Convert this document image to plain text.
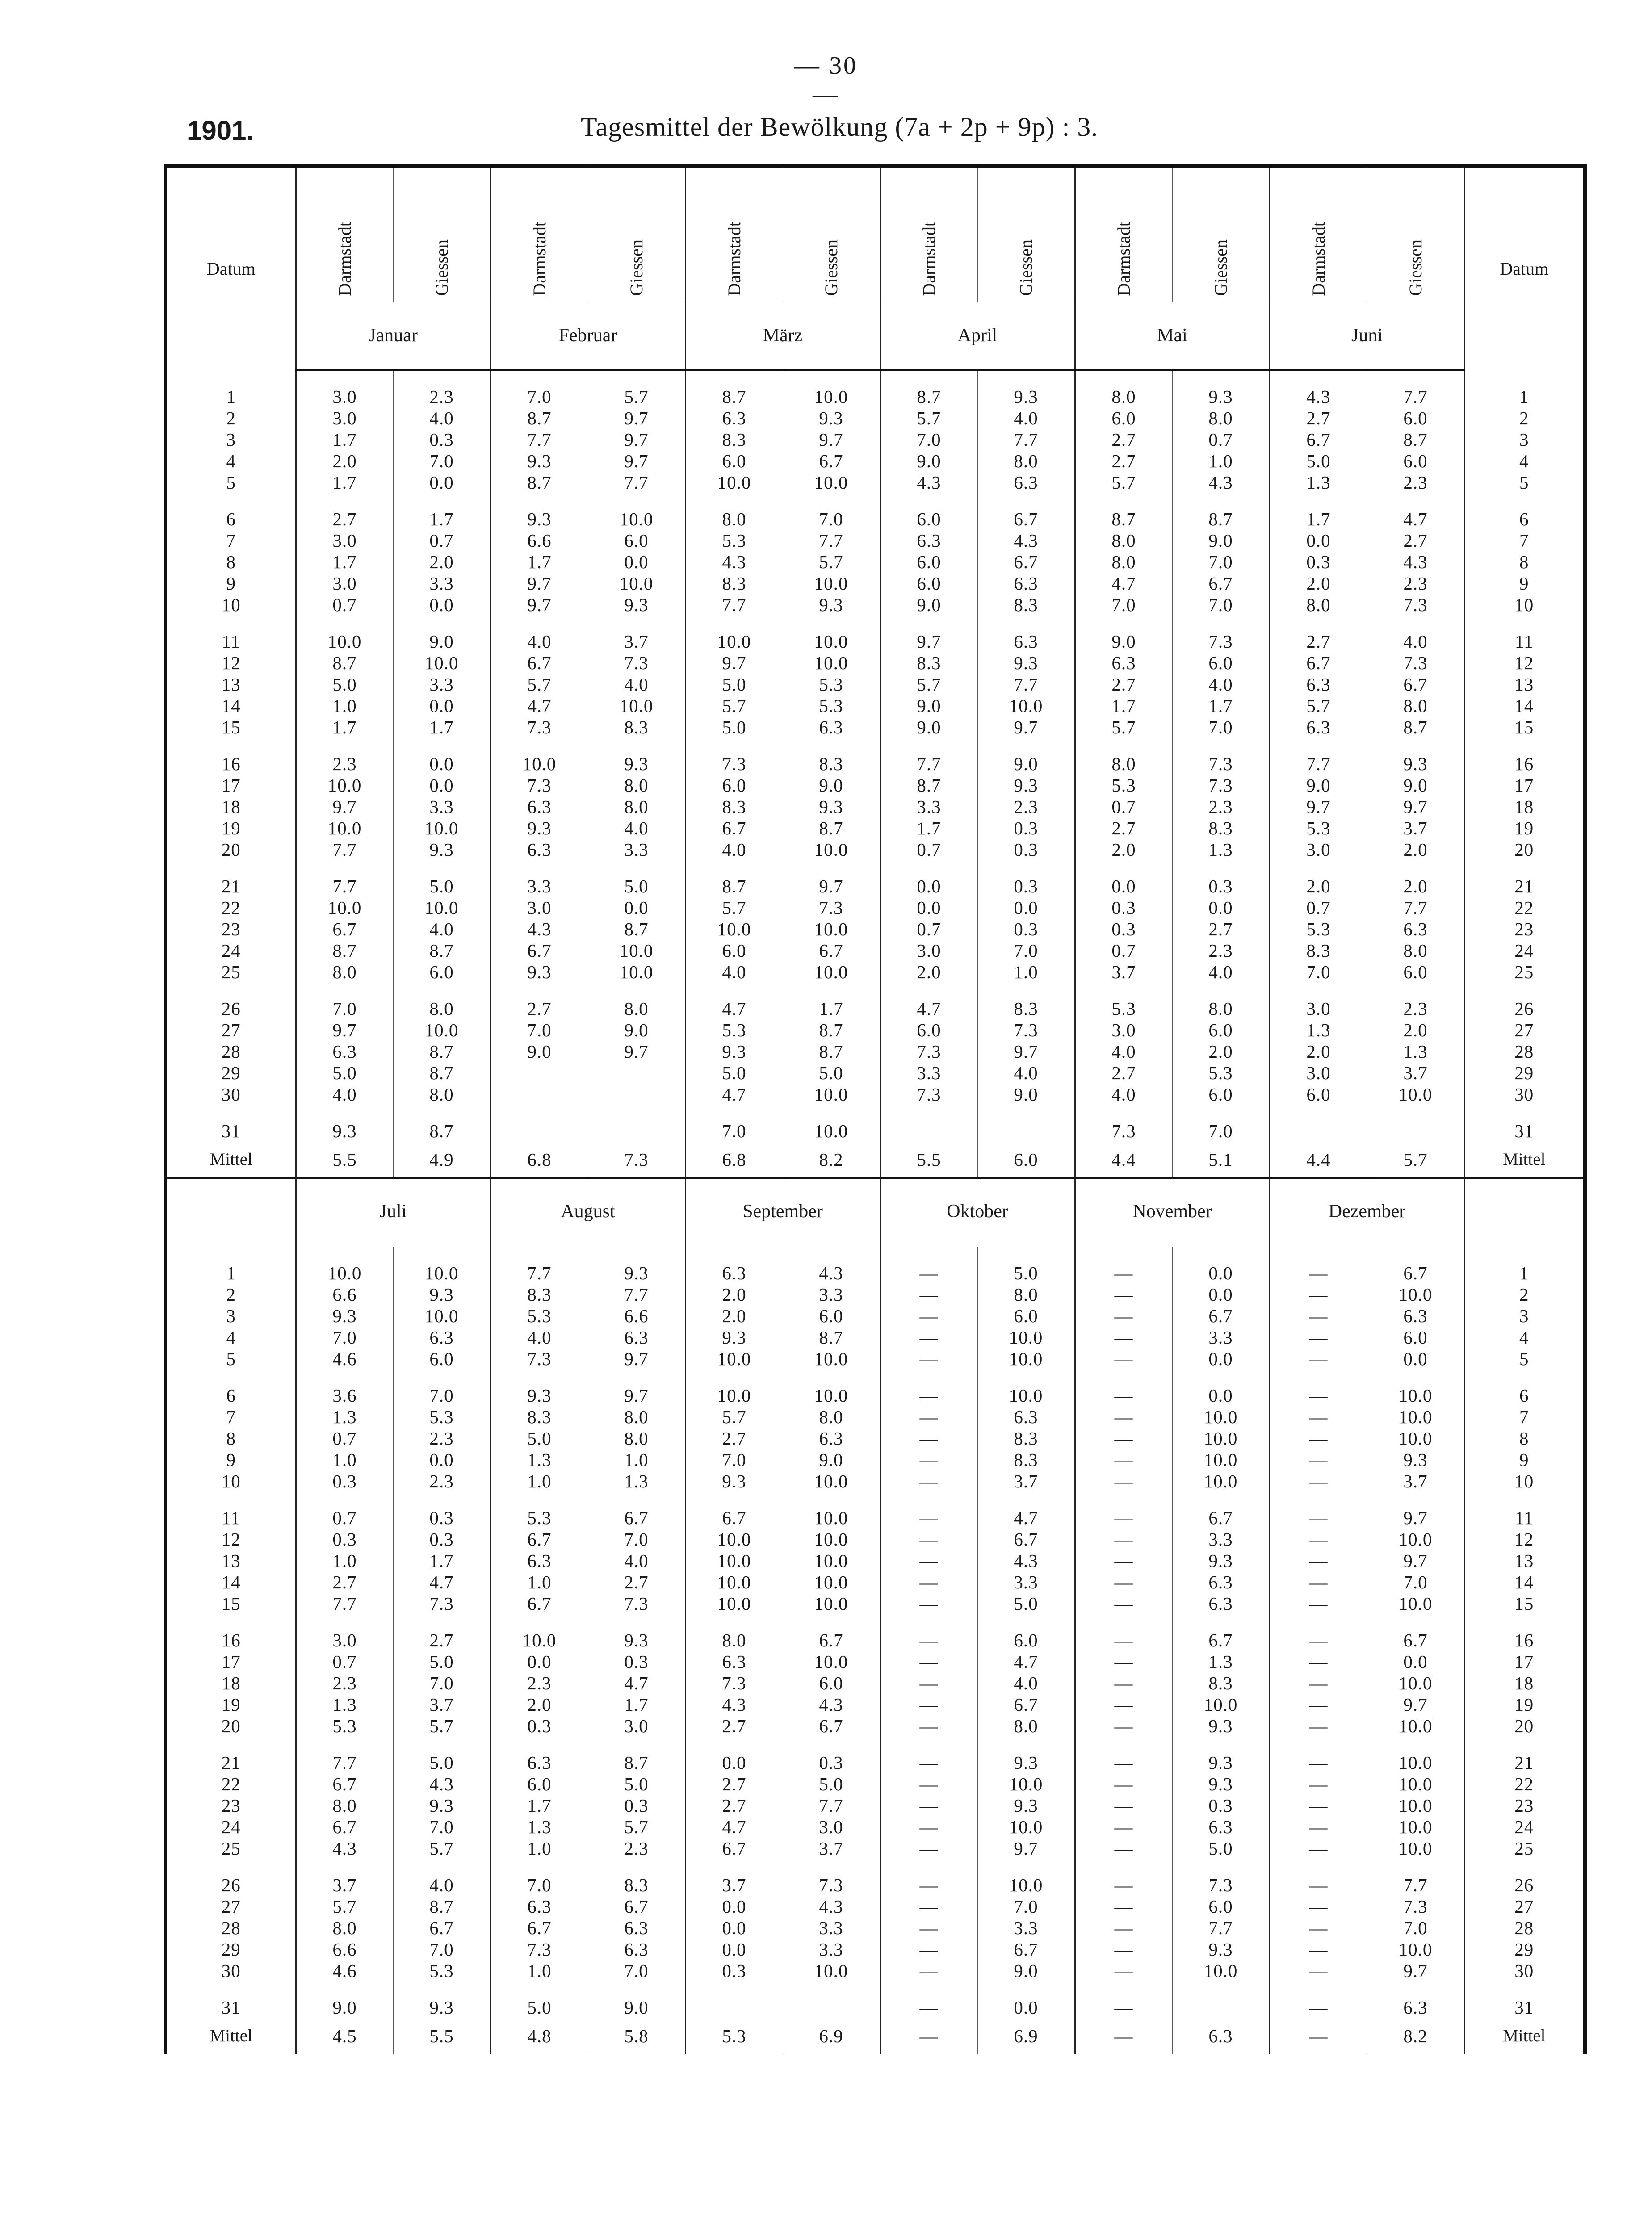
— 30 —
1901.	Tagesmittel der Bewölkung (7a + 2p + 9p) : 3.
Datum	Darmstadt	Giessen	Darmstadt	Giessen	Darmstadt	Giessen	Darmstadt	Giessen	Darmstadt	Giessen	Darmstadt	Giessen	Datum
	Januar		Februar		März		April		Mai		Juni		

1	3.0	2.3	7.0	5.7	8.7	10.0	8.7	9.3	8.0	9.3	4.3	7.7	1
2	3.0	4.0	8.7	9.7	6.3	9.3	5.7	4.0	6.0	8.0	2.7	6.0	2
3	1.7	0.3	7.7	9.7	8.3	9.7	7.0	7.7	2.7	0.7	6.7	8.7	3
4	2.0	7.0	9.3	9.7	6.0	6.7	9.0	8.0	2.7	1.0	5.0	6.0	4
5	1.7	0.0	8.7	7.7	10.0	10.0	4.3	6.3	5.7	4.3	1.3	2.3	5

6	2.7	1.7	9.3	10.0	8.0	7.0	6.0	6.7	8.7	8.7	1.7	4.7	6
7	3.0	0.7	6.6	6.0	5.3	7.7	6.3	4.3	8.0	9.0	0.0	2.7	7
8	1.7	2.0	1.7	0.0	4.3	5.7	6.0	6.7	8.0	7.0	0.3	4.3	8
9	3.0	3.3	9.7	10.0	8.3	10.0	6.0	6.3	4.7	6.7	2.0	2.3	9
10	0.7	0.0	9.7	9.3	7.7	9.3	9.0	8.3	7.0	7.0	8.0	7.3	10

11	10.0	9.0	4.0	3.7	10.0	10.0	9.7	6.3	9.0	7.3	2.7	4.0	11
12	8.7	10.0	6.7	7.3	9.7	10.0	8.3	9.3	6.3	6.0	6.7	7.3	12
13	5.0	3.3	5.7	4.0	5.0	5.3	5.7	7.7	2.7	4.0	6.3	6.7	13
14	1.0	0.0	4.7	10.0	5.7	5.3	9.0	10.0	1.7	1.7	5.7	8.0	14
15	1.7	1.7	7.3	8.3	5.0	6.3	9.0	9.7	5.7	7.0	6.3	8.7	15

16	2.3	0.0	10.0	9.3	7.3	8.3	7.7	9.0	8.0	7.3	7.7	9.3	16
17	10.0	0.0	7.3	8.0	6.0	9.0	8.7	9.3	5.3	7.3	9.0	9.0	17
18	9.7	3.3	6.3	8.0	8.3	9.3	3.3	2.3	0.7	2.3	9.7	9.7	18
19	10.0	10.0	9.3	4.0	6.7	8.7	1.7	0.3	2.7	8.3	5.3	3.7	19
20	7.7	9.3	6.3	3.3	4.0	10.0	0.7	0.3	2.0	1.3	3.0	2.0	20

21	7.7	5.0	3.3	5.0	8.7	9.7	0.0	0.3	0.0	0.3	2.0	2.0	21
22	10.0	10.0	3.0	0.0	5.7	7.3	0.0	0.0	0.3	0.0	0.7	7.7	22
23	6.7	4.0	4.3	8.7	10.0	10.0	0.7	0.3	0.3	2.7	5.3	6.3	23
24	8.7	8.7	6.7	10.0	6.0	6.7	3.0	7.0	0.7	2.3	8.3	8.0	24
25	8.0	6.0	9.3	10.0	4.0	10.0	2.0	1.0	3.7	4.0	7.0	6.0	25

26	7.0	8.0	2.7	8.0	4.7	1.7	4.7	8.3	5.3	8.0	3.0	2.3	26
27	9.7	10.0	7.0	9.0	5.3	8.7	6.0	7.3	3.0	6.0	1.3	2.0	27
28	6.3	8.7	9.0	9.7	9.3	8.7	7.3	9.7	4.0	2.0	2.0	1.3	28
29	5.0	8.7			5.0	5.0	3.3	4.0	2.7	5.3	3.0	3.7	29
30	4.0	8.0			4.7	10.0	7.3	9.0	4.0	6.0	6.0	10.0	30

31	9.3	8.7			7.0	10.0			7.3	7.0			31
Mittel	5.5	4.9	6.8	7.3	6.8	8.2	5.5	6.0	4.4	5.1	4.4	5.7	Mittel
	Juli		August		September		Oktober		November		Dezember		

1	10.0	10.0	7.7	9.3	6.3	4.3	—	5.0	—	0.0	—	6.7	1
2	6.6	9.3	8.3	7.7	2.0	3.3	—	8.0	—	0.0	—	10.0	2
3	9.3	10.0	5.3	6.6	2.0	6.0	—	6.0	—	6.7	—	6.3	3
4	7.0	6.3	4.0	6.3	9.3	8.7	—	10.0	—	3.3	—	6.0	4
5	4.6	6.0	7.3	9.7	10.0	10.0	—	10.0	—	0.0	—	0.0	5

6	3.6	7.0	9.3	9.7	10.0	10.0	—	10.0	—	0.0	—	10.0	6
7	1.3	5.3	8.3	8.0	5.7	8.0	—	6.3	—	10.0	—	10.0	7
8	0.7	2.3	5.0	8.0	2.7	6.3	—	8.3	—	10.0	—	10.0	8
9	1.0	0.0	1.3	1.0	7.0	9.0	—	8.3	—	10.0	—	9.3	9
10	0.3	2.3	1.0	1.3	9.3	10.0	—	3.7	—	10.0	—	3.7	10

11	0.7	0.3	5.3	6.7	6.7	10.0	—	4.7	—	6.7	—	9.7	11
12	0.3	0.3	6.7	7.0	10.0	10.0	—	6.7	—	3.3	—	10.0	12
13	1.0	1.7	6.3	4.0	10.0	10.0	—	4.3	—	9.3	—	9.7	13
14	2.7	4.7	1.0	2.7	10.0	10.0	—	3.3	—	6.3	—	7.0	14
15	7.7	7.3	6.7	7.3	10.0	10.0	—	5.0	—	6.3	—	10.0	15

16	3.0	2.7	10.0	9.3	8.0	6.7	—	6.0	—	6.7	—	6.7	16
17	0.7	5.0	0.0	0.3	6.3	10.0	—	4.7	—	1.3	—	0.0	17
18	2.3	7.0	2.3	4.7	7.3	6.0	—	4.0	—	8.3	—	10.0	18
19	1.3	3.7	2.0	1.7	4.3	4.3	—	6.7	—	10.0	—	9.7	19
20	5.3	5.7	0.3	3.0	2.7	6.7	—	8.0	—	9.3	—	10.0	20

21	7.7	5.0	6.3	8.7	0.0	0.3	—	9.3	—	9.3	—	10.0	21
22	6.7	4.3	6.0	5.0	2.7	5.0	—	10.0	—	9.3	—	10.0	22
23	8.0	9.3	1.7	0.3	2.7	7.7	—	9.3	—	0.3	—	10.0	23
24	6.7	7.0	1.3	5.7	4.7	3.0	—	10.0	—	6.3	—	10.0	24
25	4.3	5.7	1.0	2.3	6.7	3.7	—	9.7	—	5.0	—	10.0	25

26	3.7	4.0	7.0	8.3	3.7	7.3	—	10.0	—	7.3	—	7.7	26
27	5.7	8.7	6.3	6.7	0.0	4.3	—	7.0	—	6.0	—	7.3	27
28	8.0	6.7	6.7	6.3	0.0	3.3	—	3.3	—	7.7	—	7.0	28
29	6.6	7.0	7.3	6.3	0.0	3.3	—	6.7	—	9.3	—	10.0	29
30	4.6	5.3	1.0	7.0	0.3	10.0	—	9.0	—	10.0	—	9.7	30

31	9.0	9.3	5.0	9.0			—	0.0	—		—	6.3	31
Mittel	4.5	5.5	4.8	5.8	5.3	6.9	—	6.9	—	6.3	—	8.2	Mittel
